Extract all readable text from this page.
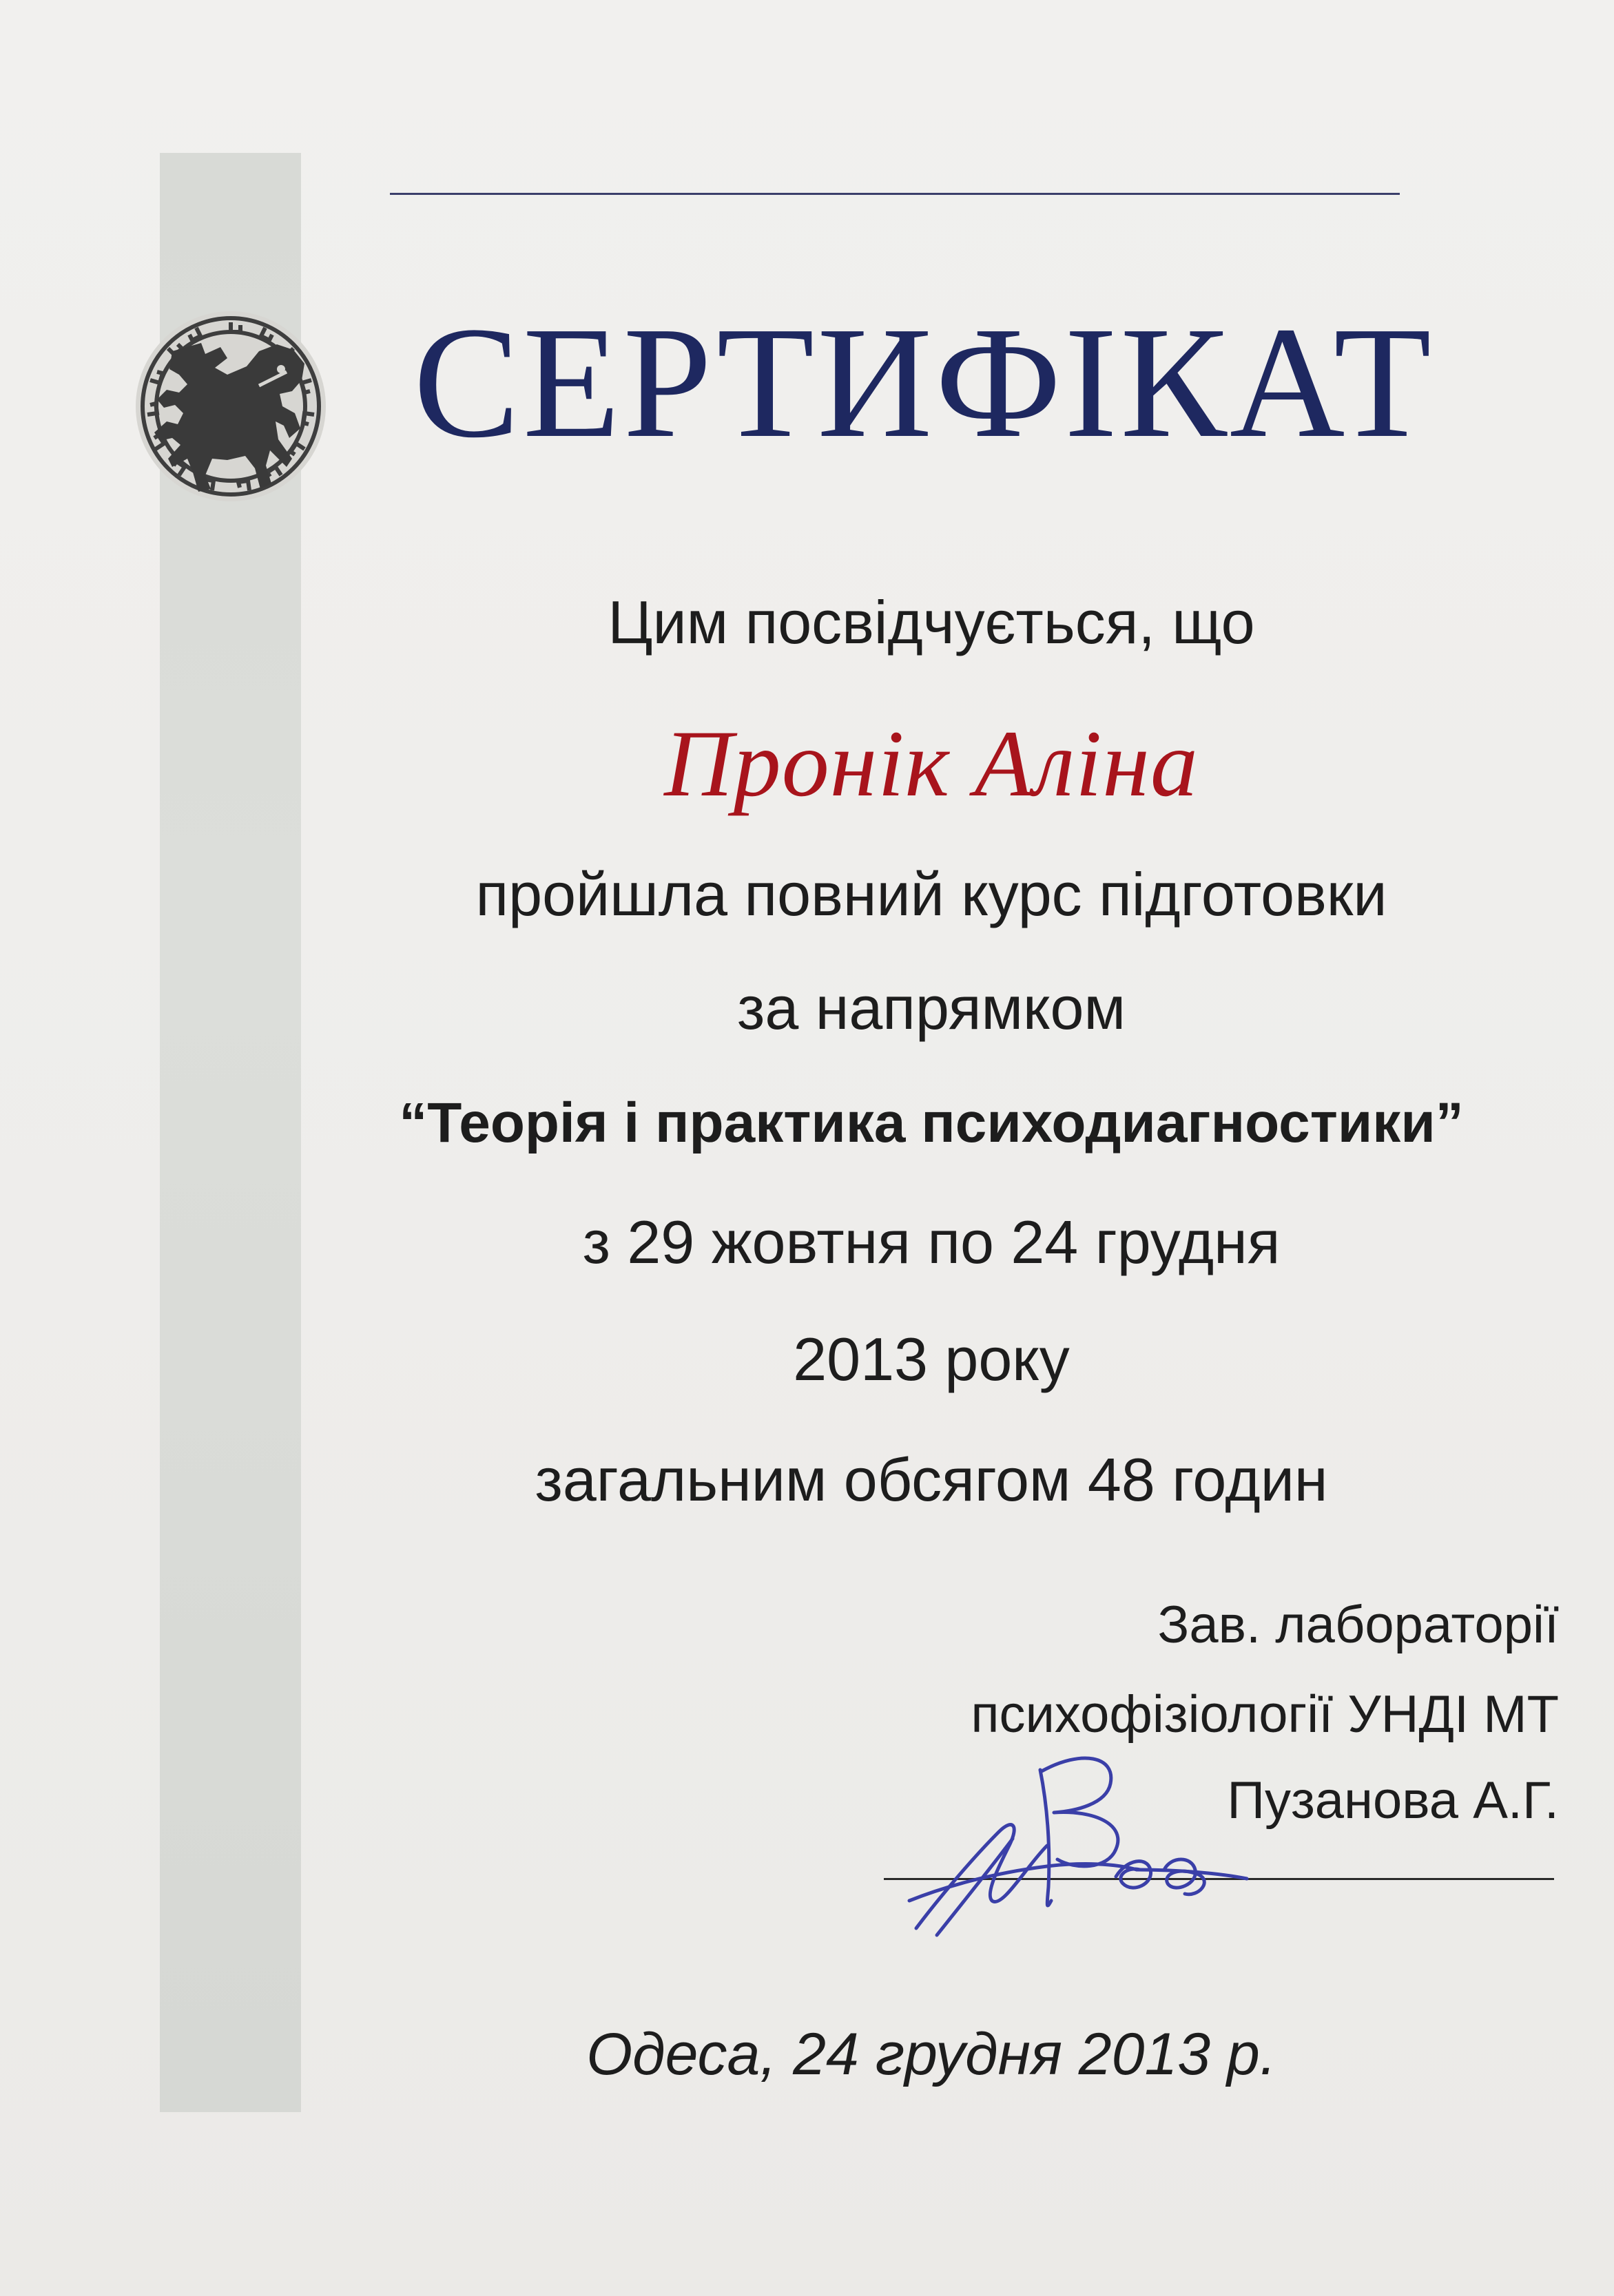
СЕРТИФІКАТ
Цим посвідчується, що
Пронік Аліна
пройшла повний курс підготовки
за напрямком
“Теорія і практика психодиагностики”
з 29 жовтня по 24 грудня
2013 року
загальним обсягом 48 годин
Зав. лабораторії
психофізіології УНДІ МТ
Пузанова А.Г.
Одеса, 24 грудня 2013 р.
